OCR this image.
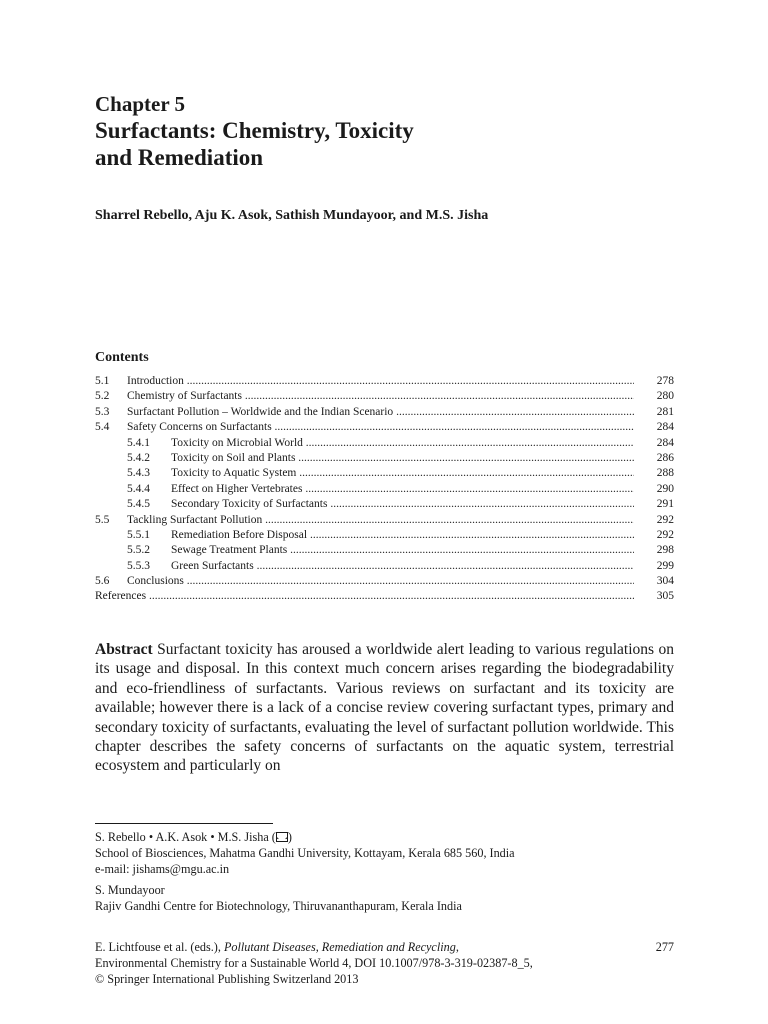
Chapter 5
Surfactants: Chemistry, Toxicity
and Remediation
Sharrel Rebello, Aju K. Asok, Sathish Mundayoor, and M.S. Jisha
Contents
5.1 Introduction .....	278
5.2 Chemistry of Surfactants .....	280
5.3 Surfactant Pollution – Worldwide and the Indian Scenario .....	281
5.4 Safety Concerns on Surfactants .....	284
5.4.1 Toxicity on Microbial World .....	284
5.4.2 Toxicity on Soil and Plants .....	286
5.4.3 Toxicity to Aquatic System .....	288
5.4.4 Effect on Higher Vertebrates .....	290
5.4.5 Secondary Toxicity of Surfactants .....	291
5.5 Tackling Surfactant Pollution .....	292
5.5.1 Remediation Before Disposal .....	292
5.5.2 Sewage Treatment Plants .....	298
5.5.3 Green Surfactants .....	299
5.6 Conclusions .....	304
References .....	305
Abstract Surfactant toxicity has aroused a worldwide alert leading to various regulations on its usage and disposal. In this context much concern arises regarding the biodegradability and eco-friendliness of surfactants. Various reviews on surfactant and its toxicity are available; however there is a lack of a concise review covering surfactant types, primary and secondary toxicity of surfactants, evaluating the level of surfactant pollution worldwide. This chapter describes the safety concerns of surfactants on the aquatic system, terrestrial ecosystem and particularly on
S. Rebello • A.K. Asok • M.S. Jisha ( )
School of Biosciences, Mahatma Gandhi University, Kottayam, Kerala 685 560, India
e-mail: jishams@mgu.ac.in
S. Mundayoor
Rajiv Gandhi Centre for Biotechnology, Thiruvananthapuram, Kerala India
E. Lichtfouse et al. (eds.), Pollutant Diseases, Remediation and Recycling,	277
Environmental Chemistry for a Sustainable World 4, DOI 10.1007/978-3-319-02387-8_5,
© Springer International Publishing Switzerland 2013
